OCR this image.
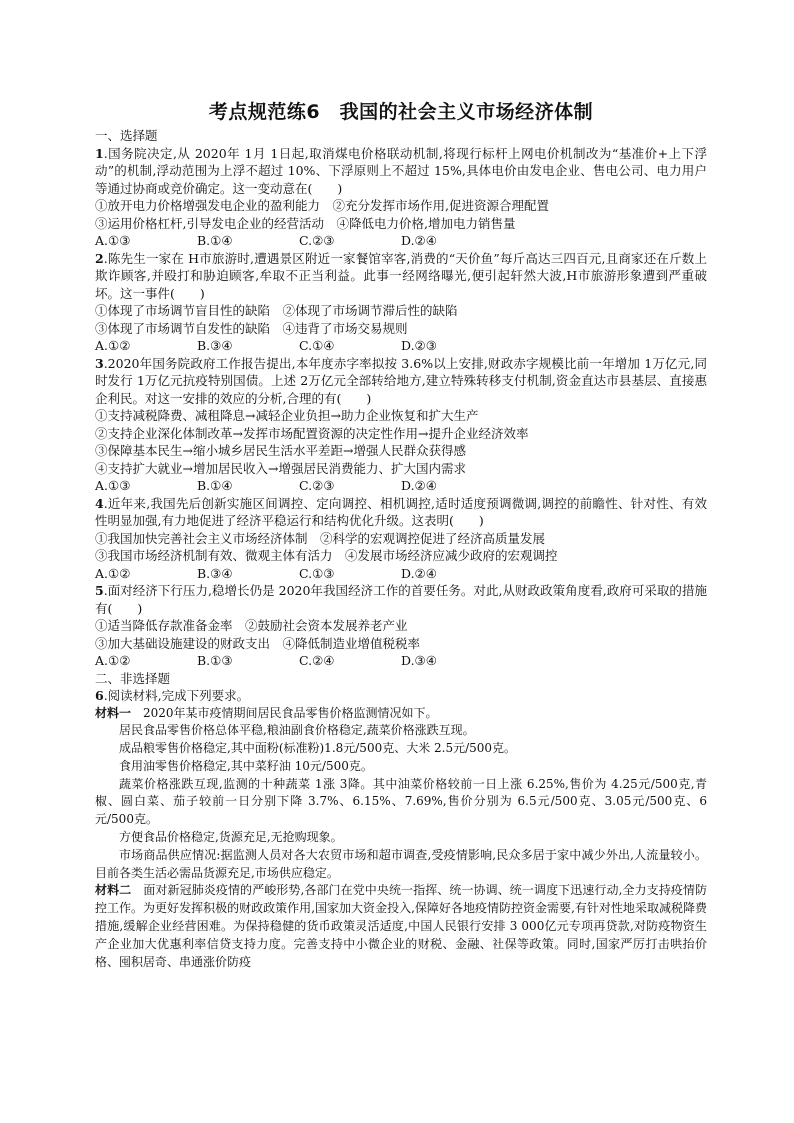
考点规范练6　我国的社会主义市场经济体制
一、选择题

1.国务院决定,从 2020年 1月 1日起,取消煤电价格联动机制,将现行标杆上网电价机制改为“基准价+上下浮动”的机制,浮动范围为上浮不超过 10%、下浮原则上不超过 15%,具体电价由发电企业、售电公司、电力用户等通过协商或竞价确定。这一变动意在(　　)

①放开电力价格增强发电企业的盈利能力　②充分发挥市场作用,促进资源合理配置

③运用价格杠杆,引导发电企业的经营活动　④降低电力价格,增加电力销售量

A.①③	B.①④	C.②③	D.②④

2.陈先生一家在 H市旅游时,遭遇景区附近一家餐馆宰客,消费的“天价鱼”每斤高达三四百元,且商家还在斤数上欺诈顾客,并殴打和胁迫顾客,牟取不正当利益。此事一经网络曝光,便引起轩然大波,H市旅游形象遭到严重破坏。这一事件(　　)

①体现了市场调节盲目性的缺陷　②体现了市场调节滞后性的缺陷

③体现了市场调节自发性的缺陷　④违背了市场交易规则

A.①②	B.③④	C.①④	D.②③

3.2020年国务院政府工作报告提出,本年度赤字率拟按 3.6%以上安排,财政赤字规模比前一年增加 1万亿元,同时发行 1万亿元抗疫特别国债。上述 2万亿元全部转给地方,建立特殊转移支付机制,资金直达市县基层、直接惠企利民。对这一安排的效应的分析,合理的有(　　)

①支持减税降费、减租降息→减轻企业负担→助力企业恢复和扩大生产

②支持企业深化体制改革→发挥市场配置资源的决定性作用→提升企业经济效率

③保障基本民生→缩小城乡居民生活水平差距→增强人民群众获得感

④支持扩大就业→增加居民收入→增强居民消费能力、扩大国内需求

A.①③	B.①④	C.②③	D.②④

4.近年来,我国先后创新实施区间调控、定向调控、相机调控,适时适度预调微调,调控的前瞻性、针对性、有效性明显加强,有力地促进了经济平稳运行和结构优化升级。这表明(　　)

①我国加快完善社会主义市场经济体制　②科学的宏观调控促进了经济高质量发展

③我国市场经济机制有效、微观主体有活力　④发展市场经济应减少政府的宏观调控

A.①②	B.③④	C.①③	D.②④

5.面对经济下行压力,稳增长仍是 2020年我国经济工作的首要任务。对此,从财政政策角度看,政府可采取的措施有(　　)

①适当降低存款准备金率　②鼓励社会资本发展养老产业

③加大基础设施建设的财政支出　④降低制造业增值税税率

A.①②	B.①③	C.②④	D.③④
二、非选择题

6.阅读材料,完成下列要求。

材料一　2020年某市疫情期间居民食品零售价格监测情况如下。

居民食品零售价格总体平稳,粮油副食价格稳定,蔬菜价格涨跌互现。

成品粮零售价格稳定,其中面粉(标准粉)1.8元/500克、大米 2.5元/500克。

食用油零售价格稳定,其中菜籽油 10元/500克。

蔬菜价格涨跌互现,监测的十种蔬菜 1涨 3降。其中油菜价格较前一日上涨 6.25%,售价为 4.25元/500克,青椒、圆白菜、茄子较前一日分别下降 3.7%、6.15%、7.69%,售价分别为 6.5元/500克、3.05元/500克、6元/500克。

方便食品价格稳定,货源充足,无抢购现象。

市场商品供应情况:据监测人员对各大农贸市场和超市调查,受疫情影响,民众多居于家中减少外出,人流量较小。目前各类生活必需品货源充足,市场供应稳定。

材料二　面对新冠肺炎疫情的严峻形势,各部门在党中央统一指挥、统一协调、统一调度下迅速行动,全力支持疫情防控工作。为更好发挥积极的财政政策作用,国家加大资金投入,保障好各地疫情防控资金需要,有针对性地采取减税降费措施,缓解企业经营困难。为保持稳健的货币政策灵活适度,中国人民银行安排 3 000亿元专项再贷款,对防疫物资生产企业加大优惠利率信贷支持力度。完善支持中小微企业的财税、金融、社保等政策。同时,国家严厉打击哄抬价格、囤积居奇、串通涨价防疫
